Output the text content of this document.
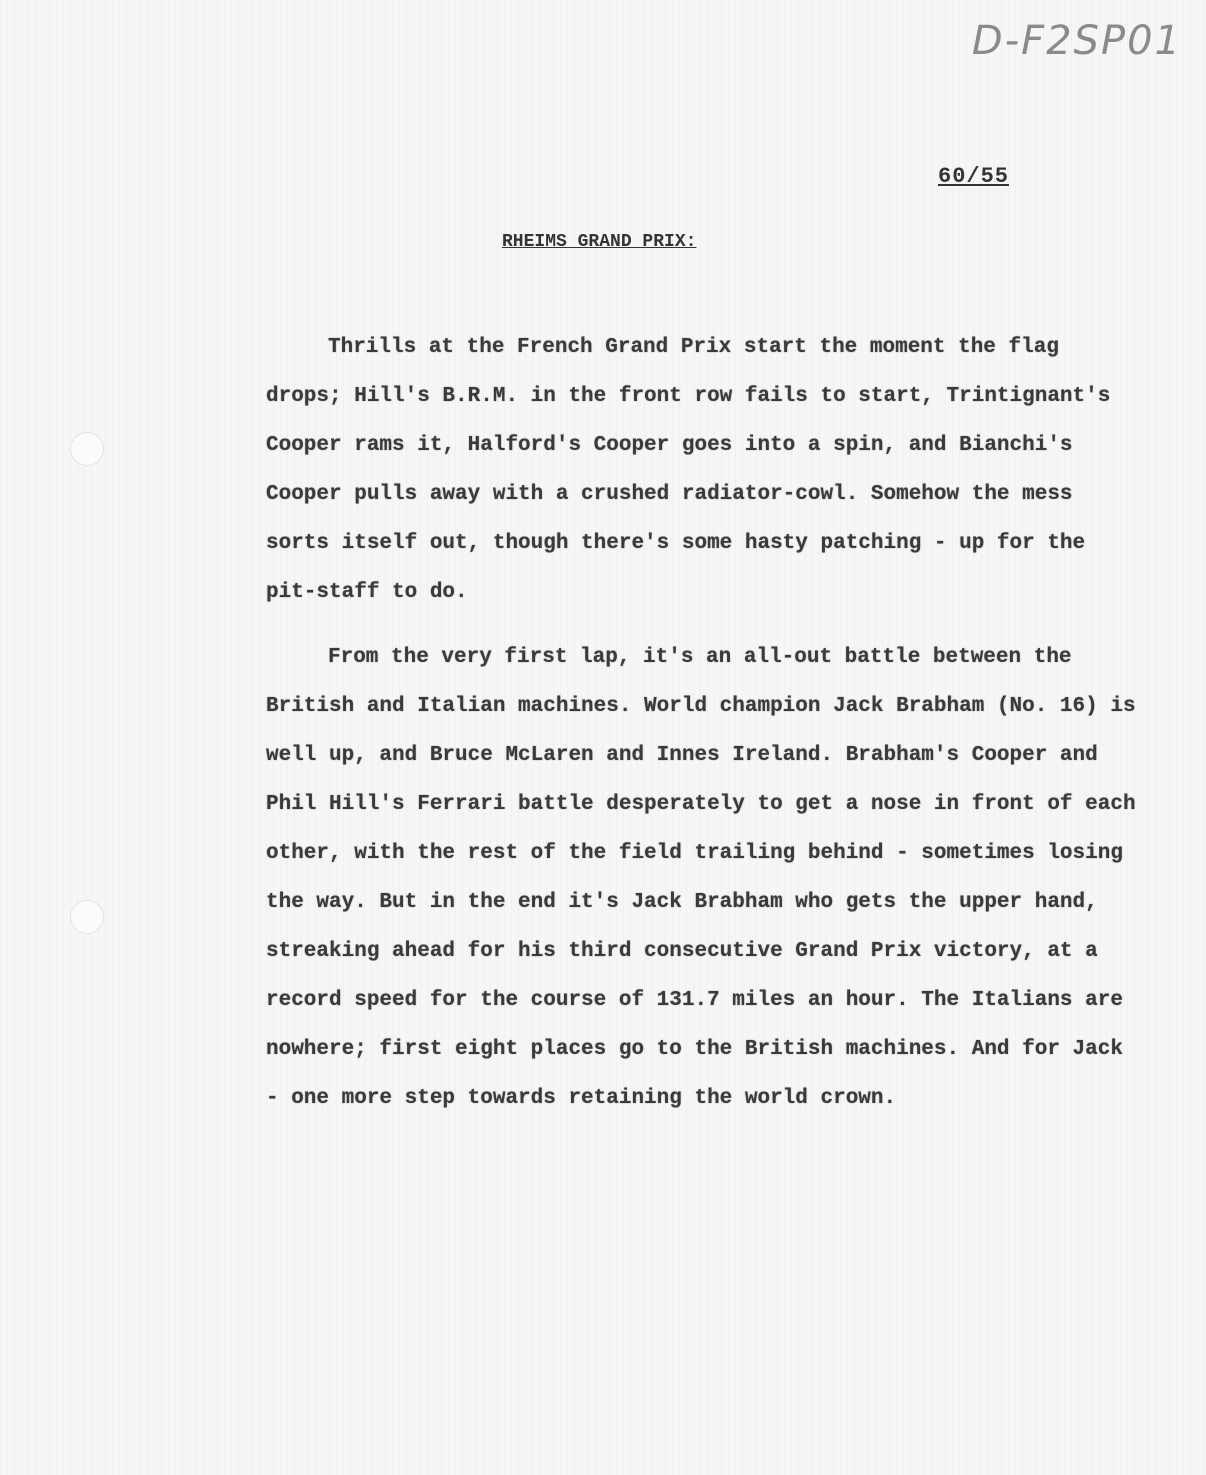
D-F2SP01
60/55
RHEIMS GRAND PRIX:

Thrills at the French Grand Prix start the moment the flag drops; Hill's B.R.M. in the front row fails to start, Trintignant's Cooper rams it, Halford's Cooper goes into a spin, and Bianchi's Cooper pulls away with a crushed radiator-cowl. Somehow the mess sorts itself out, though there's some hasty patching - up for the pit-staff to do.

From the very first lap, it's an all-out battle between the British and Italian machines. World champion Jack Brabham (No. 16) is well up, and Bruce McLaren and Innes Ireland. Brabham's Cooper and Phil Hill's Ferrari battle desperately to get a nose in front of each other, with the rest of the field trailing behind - sometimes losing the way. But in the end it's Jack Brabham who gets the upper hand, streaking ahead for his third consecutive Grand Prix victory, at a record speed for the course of 131.7 miles an hour. The Italians are nowhere; first eight places go to the British machines. And for Jack - one more step towards retaining the world crown.
